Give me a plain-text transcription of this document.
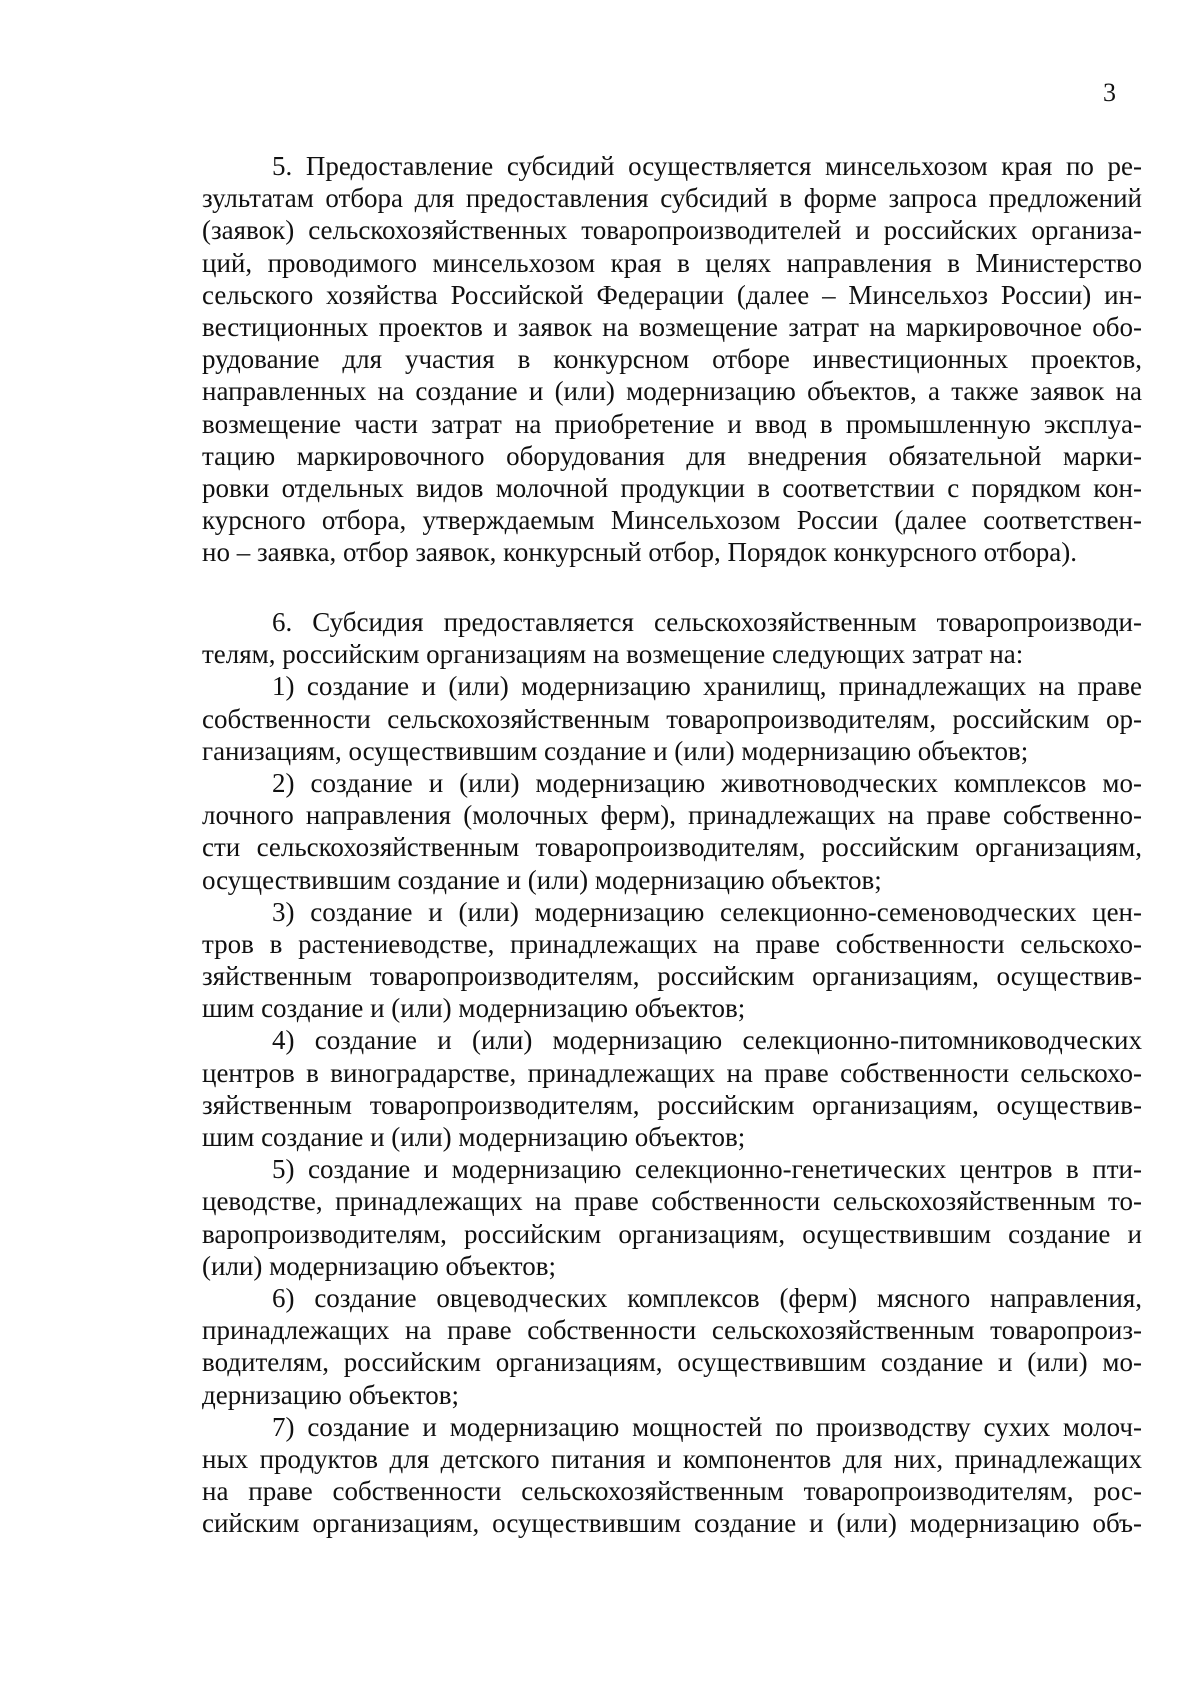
3
5. Предоставление субсидий осуществляется минсельхозом края по ре-
зультатам отбора для предоставления субсидий в форме запроса предложений
(заявок) сельскохозяйственных товаропроизводителей и российских организа-
ций, проводимого минсельхозом края в целях направления в Министерство
сельского хозяйства Российской Федерации (далее – Минсельхоз России) ин-
вестиционных проектов и заявок на возмещение затрат на маркировочное обо-
рудование для участия в конкурсном отборе инвестиционных проектов,
направленных на создание и (или) модернизацию объектов, а также заявок на
возмещение части затрат на приобретение и ввод в промышленную эксплуа-
тацию маркировочного оборудования для внедрения обязательной марки-
ровки отдельных видов молочной продукции в соответствии с порядком кон-
курсного отбора, утверждаемым Минсельхозом России (далее соответствен-
но – заявка, отбор заявок, конкурсный отбор, Порядок конкурсного отбора).
6. Субсидия предоставляется сельскохозяйственным товаропроизводи-
телям, российским организациям на возмещение следующих затрат на:
1) создание и (или) модернизацию хранилищ, принадлежащих на праве
собственности сельскохозяйственным товаропроизводителям, российским ор-
ганизациям, осуществившим создание и (или) модернизацию объектов;
2) создание и (или) модернизацию животноводческих комплексов мо-
лочного направления (молочных ферм), принадлежащих на праве собственно-
сти сельскохозяйственным товаропроизводителям, российским организациям,
осуществившим создание и (или) модернизацию объектов;
3) создание и (или) модернизацию селекционно-семеноводческих цен-
тров в растениеводстве, принадлежащих на праве собственности сельскохо-
зяйственным товаропроизводителям, российским организациям, осуществив-
шим создание и (или) модернизацию объектов;
4) создание и (или) модернизацию селекционно-питомниководческих
центров в виноградарстве, принадлежащих на праве собственности сельскохо-
зяйственным товаропроизводителям, российским организациям, осуществив-
шим создание и (или) модернизацию объектов;
5) создание и модернизацию селекционно-генетических центров в пти-
цеводстве, принадлежащих на праве собственности сельскохозяйственным то-
варопроизводителям, российским организациям, осуществившим создание и
(или) модернизацию объектов;
6) создание овцеводческих комплексов (ферм) мясного направления,
принадлежащих на праве собственности сельскохозяйственным товаропроиз-
водителям, российским организациям, осуществившим создание и (или) мо-
дернизацию объектов;
7) создание и модернизацию мощностей по производству сухих молоч-
ных продуктов для детского питания и компонентов для них, принадлежащих
на праве собственности сельскохозяйственным товаропроизводителям, рос-
сийским организациям, осуществившим создание и (или) модернизацию объ-
